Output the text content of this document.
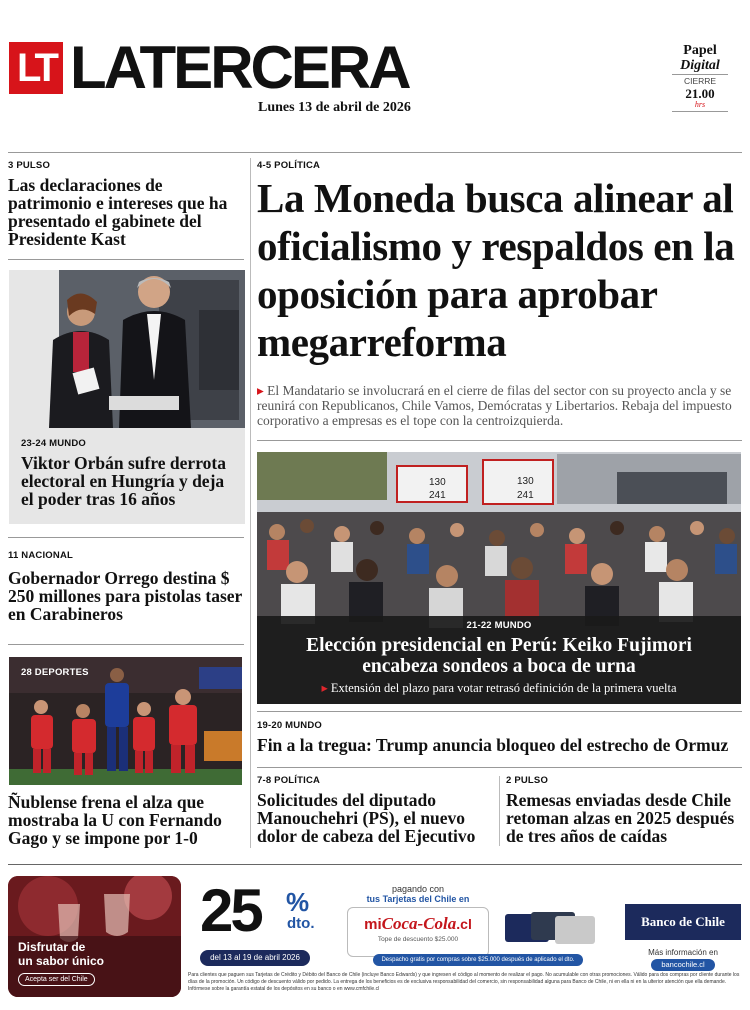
LT LATERCERA
Lunes 13 de abril de 2026
Papel
Digital
CIERRE
21.00
hrs
3 PULSO
Las declaraciones de patrimonio e intereses que ha presentado el gabinete del Presidente Kast
23-24 MUNDO
Viktor Orbán sufre derrota electoral en Hungría y deja el poder tras 16 años
11 NACIONAL
Gobernador Orrego destina $ 250 millones para pistolas taser en Carabineros
28 DEPORTES
Ñublense frena el alza que mostraba la U con Fernando Gago y se impone por 1-0
4-5 POLÍTICA
La Moneda busca alinear al oficialismo y respaldos en la oposición para aprobar megarreforma
▸ El Mandatario se involucrará en el cierre de filas del sector con su proyecto ancla y se reunirá con Republicanos, Chile Vamos, Demócratas y Libertarios. Rebaja del impuesto corporativo a empresas es el tope con la centroizquierda.
130
241
130
241
21-22 MUNDO
Elección presidencial en Perú: Keiko Fujimori encabeza sondeos a boca de urna
▸ Extensión del plazo para votar retrasó definición de la primera vuelta
19-20 MUNDO
Fin a la tregua: Trump anuncia bloqueo del estrecho de Ormuz
7-8 POLÍTICA
Solicitudes del diputado Manouchehri (PS), el nuevo dolor de cabeza del Ejecutivo
2 PULSO
Remesas enviadas desde Chile retoman alzas en 2025 después de tres años de caídas
Disfrutar de
un sabor único
Acepta ser del Chile
25 %
dto.
del 13 al 19 de abril 2026
pagando con
tus Tarjetas del Chile en
miCoca-Cola.cl
Tope de descuento $25.000
Despacho gratis por compras sobre $25.000 después de aplicado el dto.
Banco de Chile
Más información en
bancochile.cl
Para clientes que paguen sus Tarjetas de Crédito y Débito del Banco de Chile (incluye Banco Edwards) y que ingresen el código al momento de realizar el pago. No acumulable con otras promociones. Válido para dos compras por cliente durante los días de la promoción. Un código de descuento válido por pedido. La entrega de los beneficios es de exclusiva responsabilidad del comercio, sin responsabilidad alguna para Banco de Chile, ni en ella ni en la ulterior atención que ella demande. Infórmese sobre la garantía estatal de los depósitos en su banco o en www.cmfchile.cl
